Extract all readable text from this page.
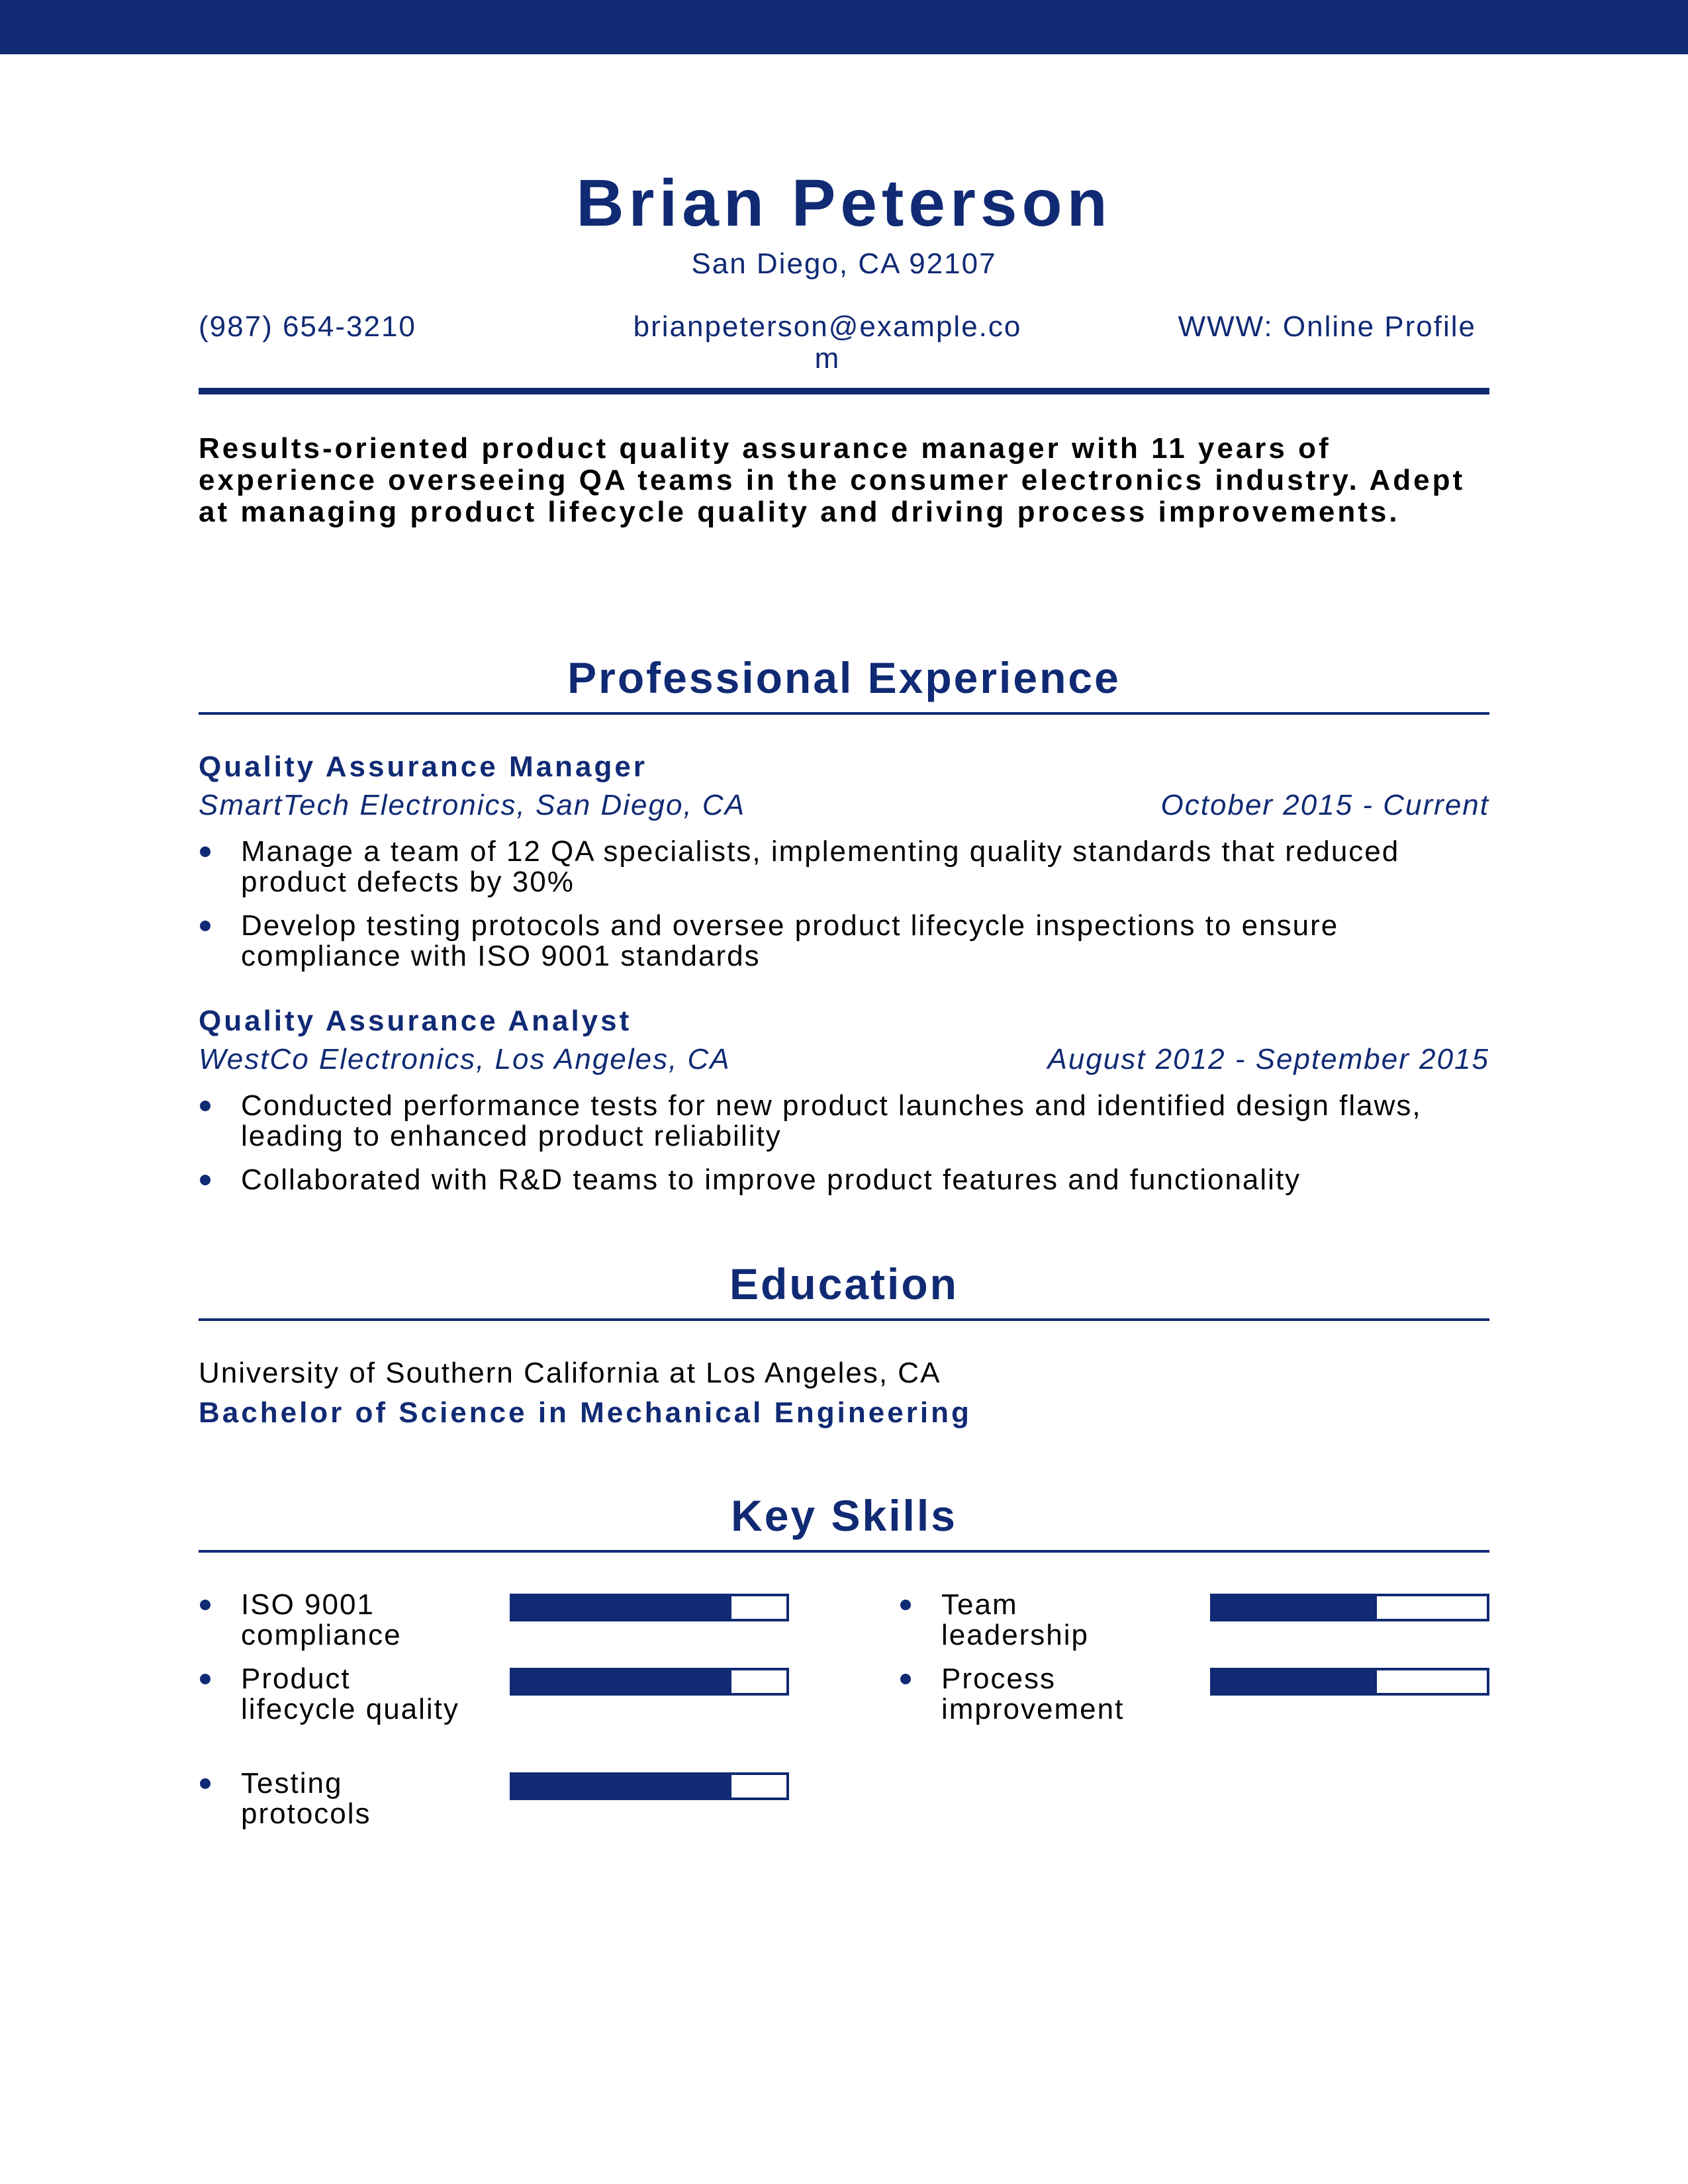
Brian Peterson
San Diego, CA 92107
(987) 654-3210	brianpeterson@example.com
WWW: Online Profile
Results-oriented product quality assurance manager with 11 years of experience overseeing QA teams in the consumer electronics industry. Adept at managing product lifecycle quality and driving process improvements.
Professional Experience
Quality Assurance Manager
SmartTech Electronics, San Diego, CA	October 2015 - Current
Manage a team of 12 QA specialists, implementing quality standards that reduced product defects by 30%
Develop testing protocols and oversee product lifecycle inspections to ensure compliance with ISO 9001 standards
Quality Assurance Analyst
WestCo Electronics, Los Angeles, CA	August 2012 - September 2015
Conducted performance tests for new product launches and identified design flaws, leading to enhanced product reliability
Collaborated with R&D teams to improve product features and functionality
Education
University of Southern California at Los Angeles, CA
Bachelor of Science in Mechanical Engineering
Key Skills
ISO 9001 compliance
Product lifecycle quality
Testing protocols
Team leadership
Process improvement
